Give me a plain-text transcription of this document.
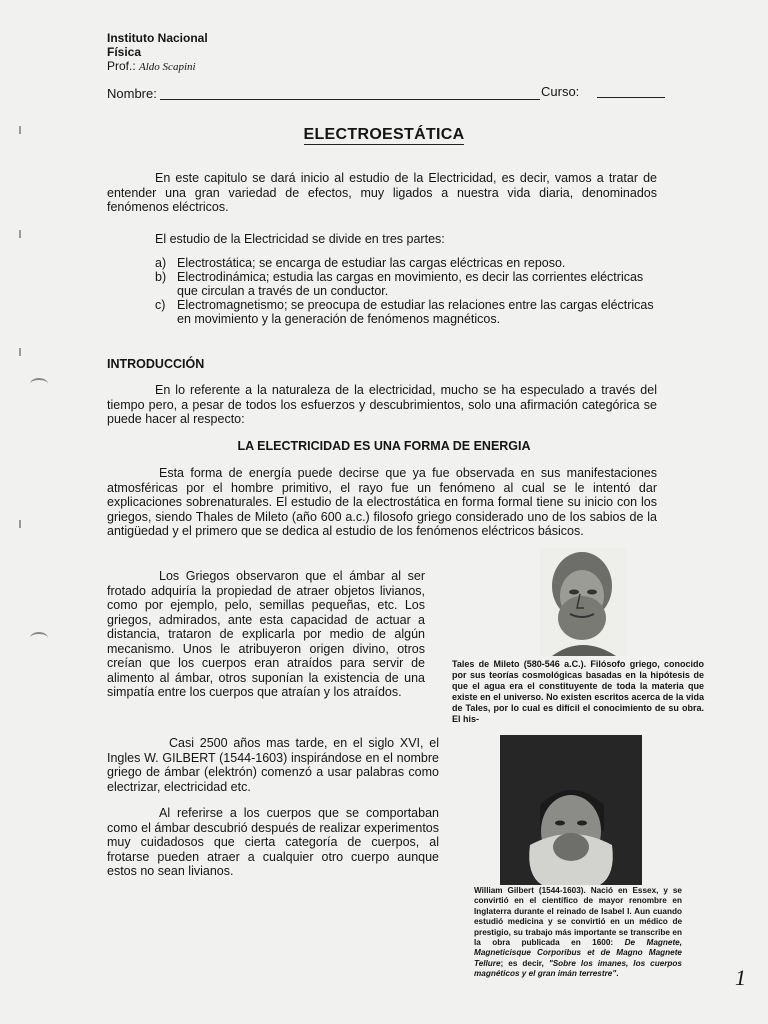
Instituto Nacional
Física
Prof.: Aldo Scapini
Nombre:	Curso:
ELECTROESTÁTICA
En este capitulo se dará inicio al estudio de la Electricidad, es decir, vamos a tratar de entender una gran variedad de efectos, muy ligados a nuestra vida diaria, denominados fenómenos eléctricos.
El estudio de la Electricidad se divide en tres partes:
a) Electrostática; se encarga de estudiar las cargas eléctricas en reposo.
b) Electrodinámica; estudia las cargas en movimiento, es decir las corrientes eléctricas que circulan a través de un conductor.
c) Electromagnetismo; se preocupa de estudiar las relaciones entre las cargas eléctricas en movimiento y la generación de fenómenos magnéticos.
INTRODUCCIÓN
En lo referente a la naturaleza de la electricidad, mucho se ha especulado a través del tiempo pero, a pesar de todos los esfuerzos y descubrimientos, solo una afirmación categórica se puede hacer al respecto:
LA ELECTRICIDAD ES UNA FORMA DE ENERGIA
Esta forma de energía puede decirse que ya fue observada en sus manifestaciones atmosféricas por el hombre primitivo, el rayo fue un fenómeno al cual se le intentó dar explicaciones sobrenaturales. El estudio de la electrostática en forma formal tiene su inicio con los griegos, siendo Thales de Mileto (año 600 a.c.) filosofo griego considerado uno de los sabios de la antigüedad y el primero que se dedica al estudio de los fenómenos eléctricos básicos.
Los Griegos observaron que el ámbar al ser frotado adquiría la propiedad de atraer objetos livianos, como por ejemplo, pelo, semillas pequeñas, etc. Los griegos, admirados, ante esta capacidad de actuar a distancia, trataron de explicarla por medio de algún mecanismo. Unos le atribuyeron origen divino, otros creían que los cuerpos eran atraídos para servir de alimento al ámbar, otros suponían la existencia de una simpatía entre los cuerpos que atraían y los atraídos.
Casi 2500 años mas tarde, en el siglo XVI, el Ingles W. GILBERT (1544-1603) inspirándose en el nombre griego de ámbar (elektrón) comenzó a usar palabras como electrizar, electricidad etc.
Al referirse a los cuerpos que se comportaban como el ámbar descubrió después de realizar experimentos muy cuidadosos que cierta categoría de cuerpos, al frotarse pueden atraer a cualquier otro cuerpo aunque estos no sean livianos.
Tales de Mileto (580-546 a.C.). Filósofo griego, conocido por sus teorías cosmológicas basadas en la hipótesis de que el agua era el constituyente de toda la materia que existe en el universo. No existen escritos acerca de la vida de Tales, por lo cual es difícil el conocimiento de su obra. El his-
William Gilbert (1544-1603). Nació en Essex, y se convirtió en el científico de mayor renombre en Inglaterra durante el reinado de Isabel I. Aun cuando estudió medicina y se convirtió en un médico de prestigio, su trabajo más importante se transcribe en la obra publicada en 1600: De Magnete, Magneticisque Corporibus et de Magno Magnete Tellure; es decir, "Sobre los imanes, los cuerpos magnéticos y el gran imán terrestre".	1
